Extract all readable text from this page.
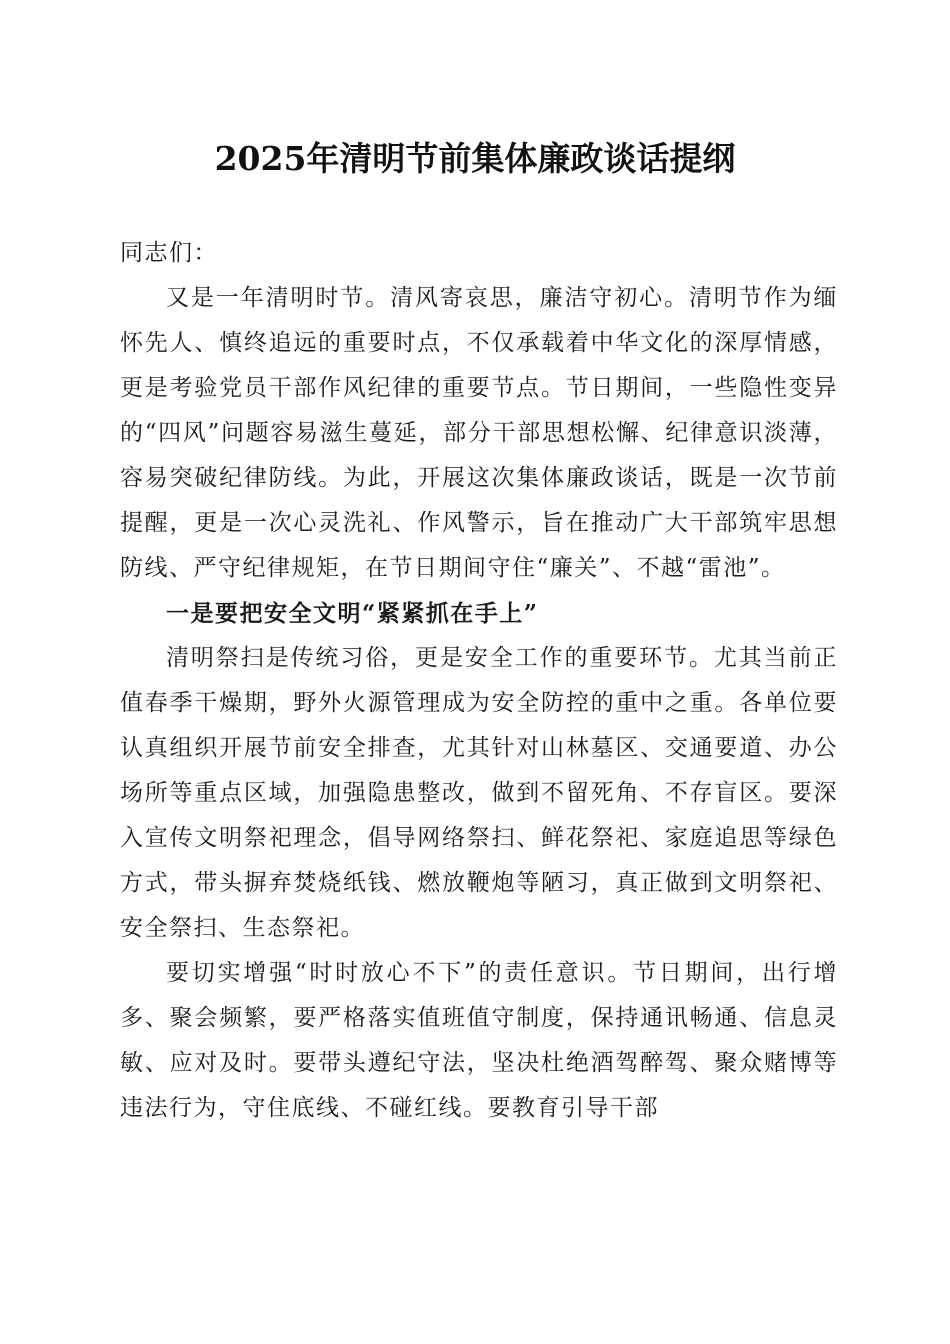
2025年清明节前集体廉政谈话提纲

同志们：

又是一年清明时节。清风寄哀思，廉洁守初心。清明节作为缅怀先人、慎终追远的重要时点，不仅承载着中华文化的深厚情感，更是考验党员干部作风纪律的重要节点。节日期间，一些隐性变异的“四风”问题容易滋生蔓延，部分干部思想松懈、纪律意识淡薄，容易突破纪律防线。为此，开展这次集体廉政谈话，既是一次节前提醒，更是一次心灵洗礼、作风警示，旨在推动广大干部筑牢思想防线、严守纪律规矩，在节日期间守住“廉关”、不越“雷池”。

一是要把安全文明“紧紧抓在手上”

清明祭扫是传统习俗，更是安全工作的重要环节。尤其当前正值春季干燥期，野外火源管理成为安全防控的重中之重。各单位要认真组织开展节前安全排查，尤其针对山林墓区、交通要道、办公场所等重点区域，加强隐患整改，做到不留死角、不存盲区。要深入宣传文明祭祀理念，倡导网络祭扫、鲜花祭祀、家庭追思等绿色方式，带头摒弃焚烧纸钱、燃放鞭炮等陋习，真正做到文明祭祀、安全祭扫、生态祭祀。

要切实增强“时时放心不下”的责任意识。节日期间，出行增多、聚会频繁，要严格落实值班值守制度，保持通讯畅通、信息灵敏、应对及时。要带头遵纪守法，坚决杜绝酒驾醉驾、聚众赌博等违法行为，守住底线、不碰红线。要教育引导干部
